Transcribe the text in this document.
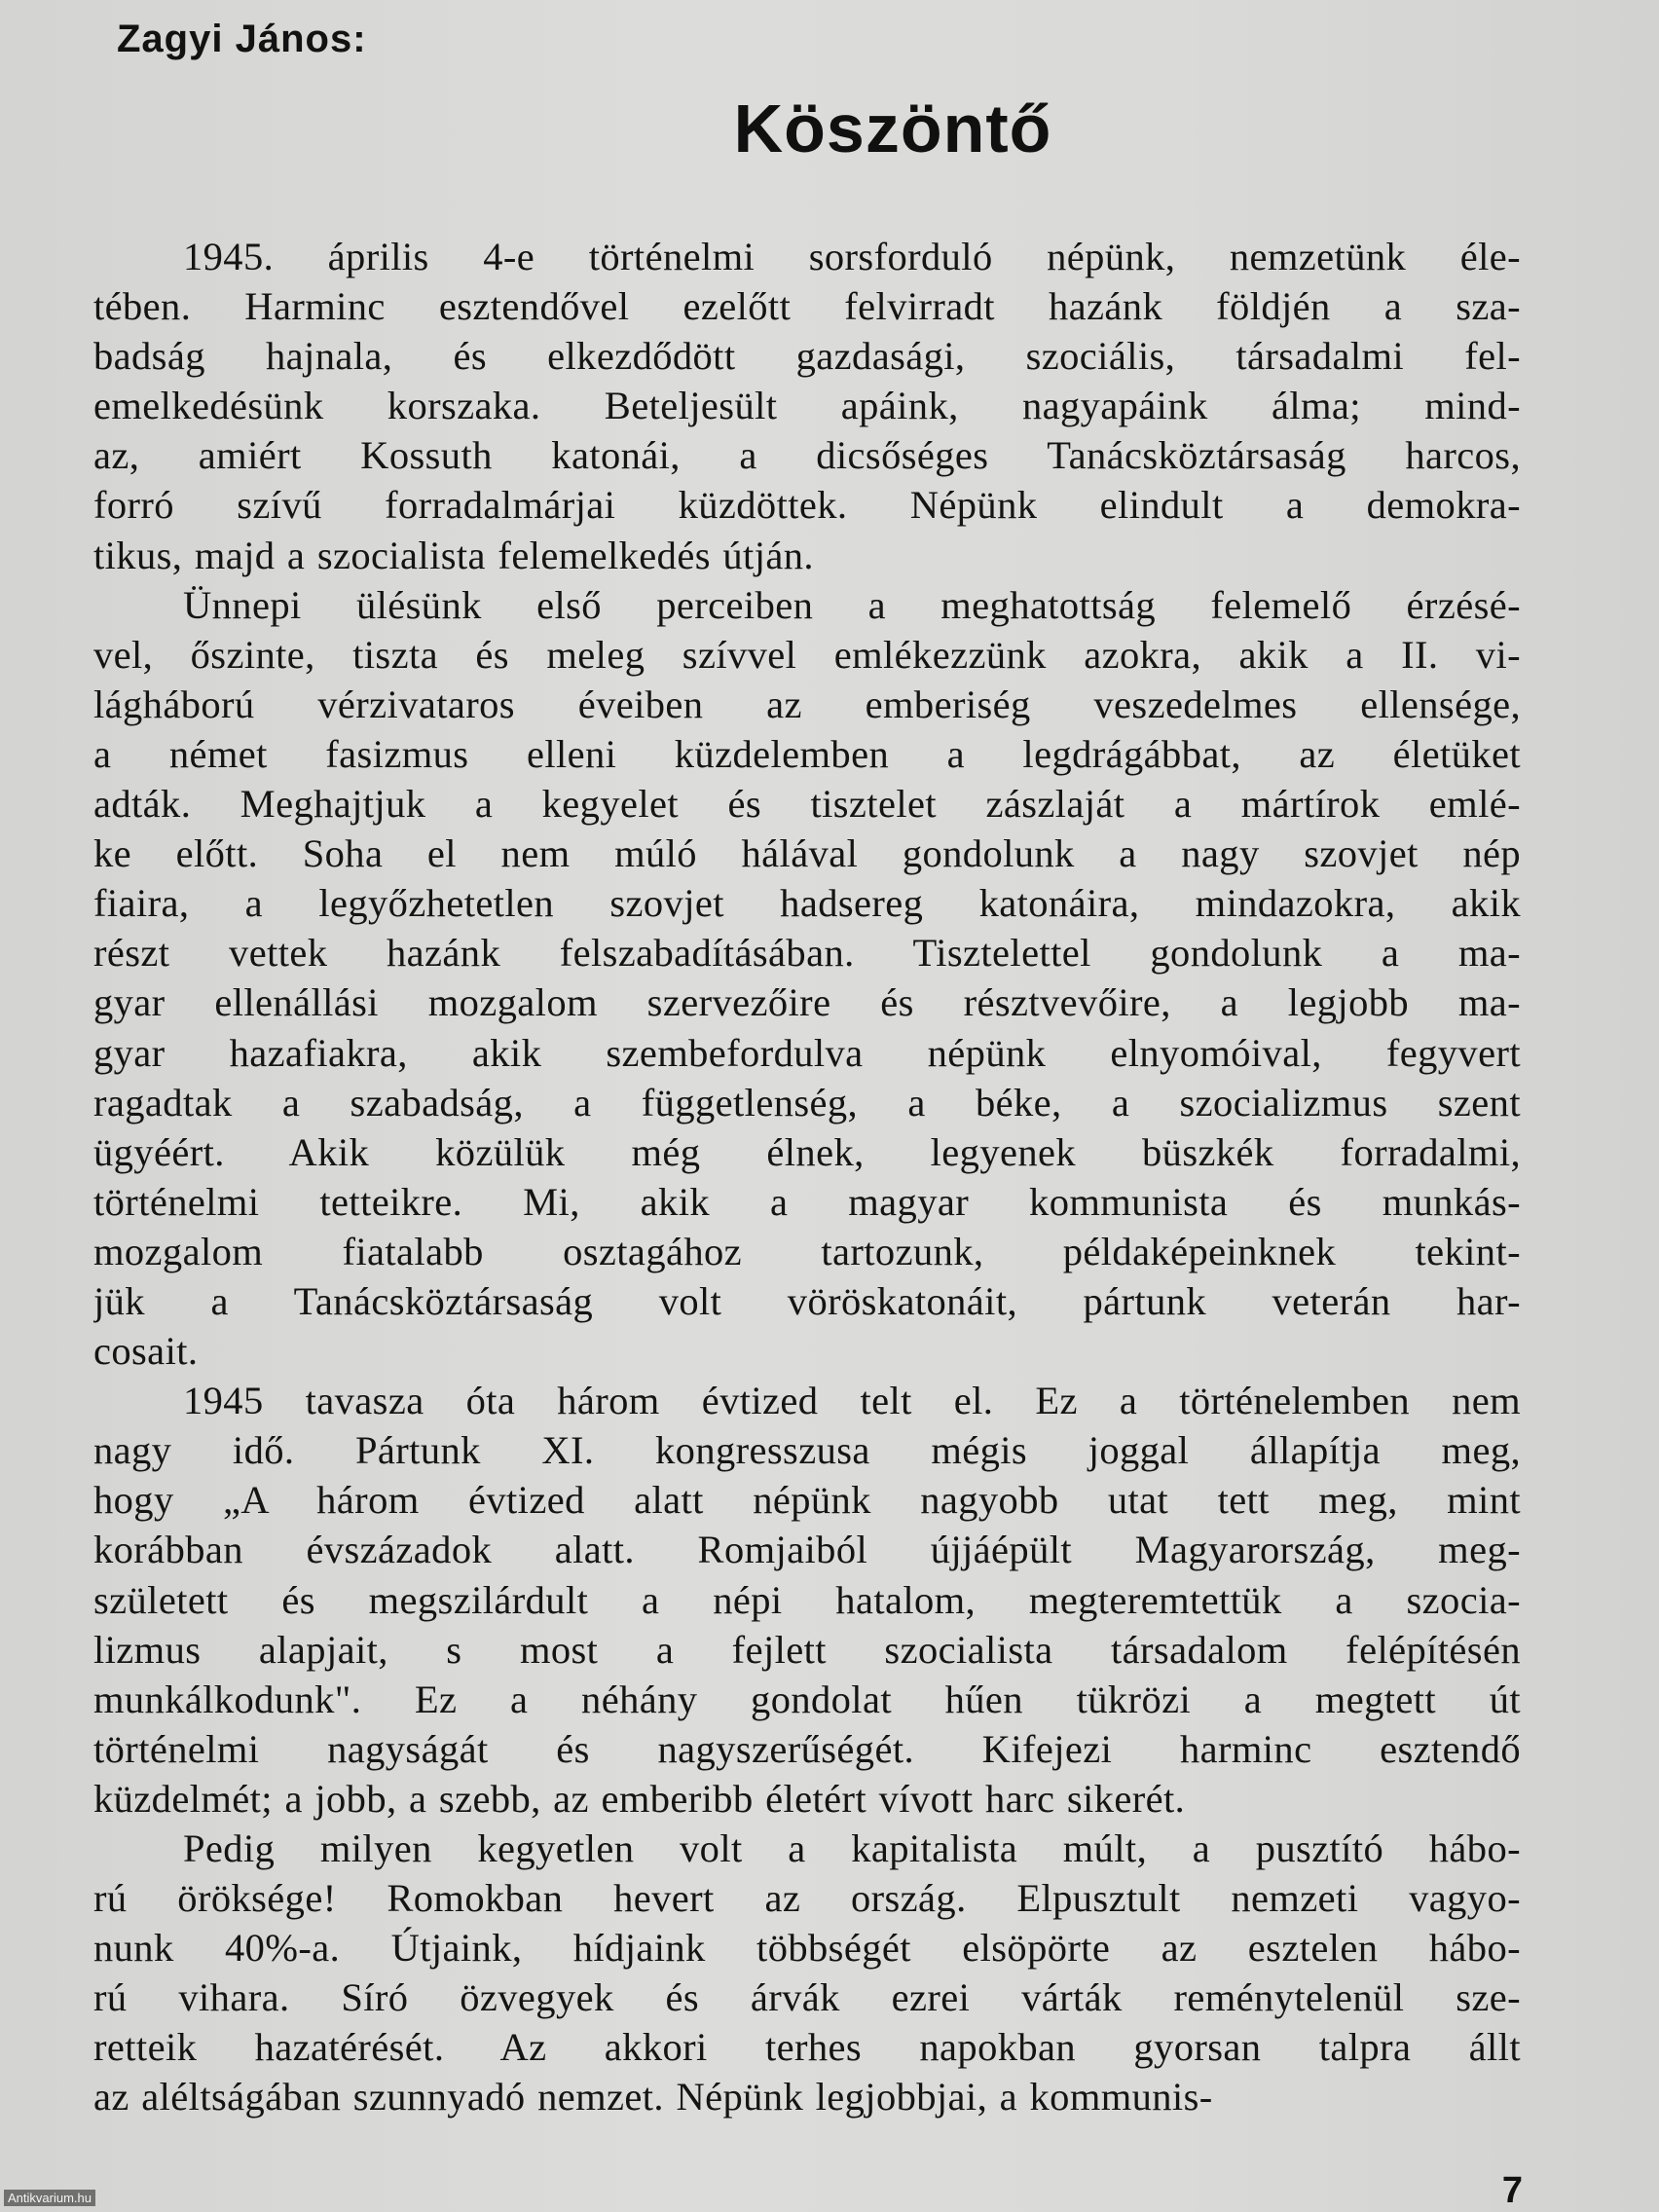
Zagyi János:
Köszöntő

1945. április 4-e történelmi sorsforduló népünk, nemzetünk éle-
tében. Harminc esztendővel ezelőtt felvirradt hazánk földjén a sza-
badság hajnala, és elkezdődött gazdasági, szociális, társadalmi fel-
emelkedésünk korszaka. Beteljesült apáink, nagyapáink álma; mind-
az, amiért Kossuth katonái, a dicsőséges Tanácsköztársaság harcos,
forró szívű forradalmárjai küzdöttek. Népünk elindult a demokra-
tikus, majd a szocialista felemelkedés útján.

Ünnepi ülésünk első perceiben a meghatottság felemelő érzésé-
vel, őszinte, tiszta és meleg szívvel emlékezzünk azokra, akik a II. vi-
lágháború vérzivataros éveiben az emberiség veszedelmes ellensége,
a német fasizmus elleni küzdelemben a legdrágábbat, az életüket
adták. Meghajtjuk a kegyelet és tisztelet zászlaját a mártírok emlé-
ke előtt. Soha el nem múló hálával gondolunk a nagy szovjet nép
fiaira, a legyőzhetetlen szovjet hadsereg katonáira, mindazokra, akik
részt vettek hazánk felszabadításában. Tisztelettel gondolunk a ma-
gyar ellenállási mozgalom szervezőire és résztvevőire, a legjobb ma-
gyar hazafiakra, akik szembefordulva népünk elnyomóival, fegyvert
ragadtak a szabadság, a függetlenség, a béke, a szocializmus szent
ügyéért. Akik közülük még élnek, legyenek büszkék forradalmi,
történelmi tetteikre. Mi, akik a magyar kommunista és munkás-
mozgalom fiatalabb osztagához tartozunk, példaképeinknek tekint-
jük a Tanácsköztársaság volt vöröskatonáit, pártunk veterán har-
cosait.

1945 tavasza óta három évtized telt el. Ez a történelemben nem
nagy idő. Pártunk XI. kongresszusa mégis joggal állapítja meg,
hogy „A három évtized alatt népünk nagyobb utat tett meg, mint
korábban évszázadok alatt. Romjaiból újjáépült Magyarország, meg-
született és megszilárdult a népi hatalom, megteremtettük a szocia-
lizmus alapjait, s most a fejlett szocialista társadalom felépítésén
munkálkodunk". Ez a néhány gondolat hűen tükrözi a megtett út
történelmi nagyságát és nagyszerűségét. Kifejezi harminc esztendő
küzdelmét; a jobb, a szebb, az emberibb életért vívott harc sikerét.

Pedig milyen kegyetlen volt a kapitalista múlt, a pusztító hábo-
rú öröksége! Romokban hevert az ország. Elpusztult nemzeti vagyo-
nunk 40%-a. Útjaink, hídjaink többségét elsöpörte az esztelen hábo-
rú vihara. Síró özvegyek és árvák ezrei várták reménytelenül sze-
retteik hazatérését. Az akkori terhes napokban gyorsan talpra állt
az aléltságában szunnyadó nemzet. Népünk legjobbjai, a kommunis-

7
Antikvarium.hu
